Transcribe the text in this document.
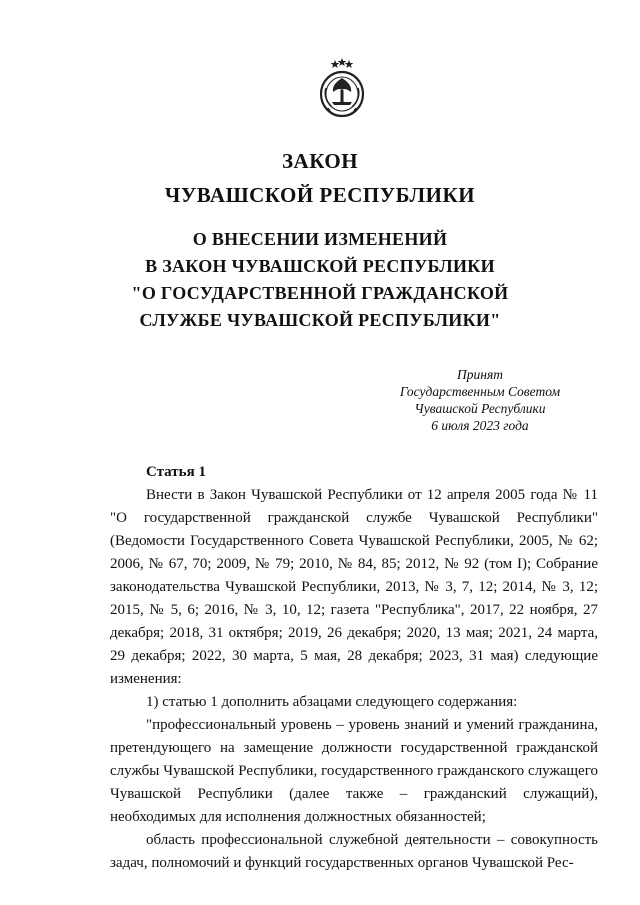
ЗАКОН
ЧУВАШСКОЙ РЕСПУБЛИКИ
О ВНЕСЕНИИ ИЗМЕНЕНИЙ
В ЗАКОН ЧУВАШСКОЙ РЕСПУБЛИКИ
"О ГОСУДАРСТВЕННОЙ ГРАЖДАНСКОЙ
СЛУЖБЕ ЧУВАШСКОЙ РЕСПУБЛИКИ"
Принят
Государственным Советом
Чувашской Республики
6 июля 2023 года

Статья 1

Внести в Закон Чувашской Республики от 12 апреля 2005 года № 11 "О государственной гражданской службе Чувашской Республики" (Ведомости Государственного Совета Чувашской Республики, 2005, № 62; 2006, № 67, 70; 2009, № 79; 2010, № 84, 85; 2012, № 92 (том I); Собрание законодательства Чувашской Республики, 2013, № 3, 7, 12; 2014, № 3, 12; 2015, № 5, 6; 2016, № 3, 10, 12; газета "Республика", 2017, 22 ноября, 27 декабря; 2018, 31 октября; 2019, 26 декабря; 2020, 13 мая; 2021, 24 марта, 29 декабря; 2022, 30 марта, 5 мая, 28 декабря; 2023, 31 мая) следующие изменения:

1) статью 1 дополнить абзацами следующего содержания:

"профессиональный уровень – уровень знаний и умений гражданина, претендующего на замещение должности государственной гражданской службы Чувашской Республики, государственного гражданского служащего Чувашской Республики (далее также – гражданский служащий), необходимых для исполнения должностных обязанностей;

область профессиональной служебной деятельности – совокупность задач, полномочий и функций государственных органов Чувашской Рес-
